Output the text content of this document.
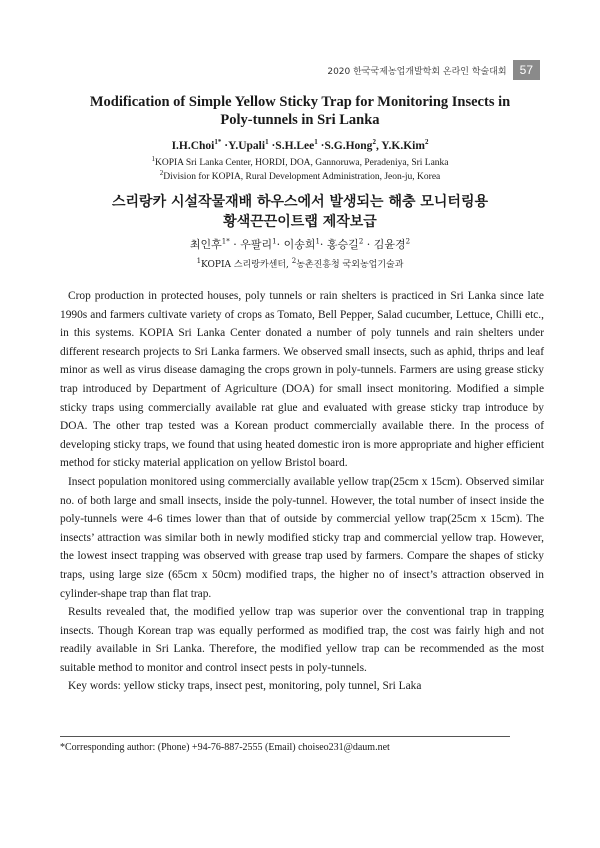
2020 한국국제농업개발학회 온라인 학술대회	57
Modification of Simple Yellow Sticky Trap for Monitoring Insects in
Poly-tunnels in Sri Lanka
I.H.Choi$^{1*}$ ·Y.Upali$^1$ ·S.H.Lee$^1$ ·S.G.Hong$^2$, Y.K.Kim$^2$
$^1$KOPIA Sri Lanka Center, HORDI, DOA, Gannoruwa, Peradeniya, Sri Lanka
$^2$Division for KOPIA, Rural Development Administration, Jeon-ju, Korea
스리랑카 시설작물재배 하우스에서 발생되는 해충 모니터링용
황색끈끈이트랩 제작보급
최인후$^{1*}$ · 우팔리$^1$· 이송희$^1$· 홍승길$^2$ · 김윤경$^2$
$^1$KOPIA 스리랑카센터, $^2$농촌진흥청 국외농업기술과

Crop production in protected houses, poly tunnels or rain shelters is practiced in Sri Lanka since late 1990s and farmers cultivate variety of crops as Tomato, Bell Pepper, Salad cucumber, Lettuce, Chilli etc., in this systems. KOPIA Sri Lanka Center donated a number of poly tunnels and rain shelters under different research projects to Sri Lanka farmers. We observed small insects, such as aphid, thrips and leaf minor as well as virus disease damaging the crops grown in poly-tunnels. Farmers are using grease sticky trap introduced by Department of Agriculture (DOA) for small insect monitoring. Modified a simple sticky traps using commercially available rat glue and evaluated with grease sticky trap introduce by DOA. The other trap tested was a Korean product commercially available there. In the process of developing sticky traps, we found that using heated domestic iron is more appropriate and higher efficient method for sticky material application on yellow Bristol board.

Insect population monitored using commercially available yellow trap(25cm x 15cm). Observed similar no. of both large and small insects, inside the poly-tunnel. However, the total number of insect inside the poly-tunnels were 4-6 times lower than that of outside by commercial yellow trap(25cm x 15cm). The insects’ attraction was similar both in newly modified sticky trap and commercial yellow trap. However, the lowest insect trapping was observed with grease trap used by farmers. Compare the shapes of sticky traps, using large size (65cm x 50cm) modified traps, the higher no of insect’s attraction observed in cylinder-shape trap than flat trap.

Results revealed that, the modified yellow trap was superior over the conventional trap in trapping insects. Though Korean trap was equally performed as modified trap, the cost was fairly high and not readily available in Sri Lanka. Therefore, the modified yellow trap can be recommended as the most suitable method to monitor and control insect pests in poly-tunnels.

Key words: yellow sticky traps, insect pest, monitoring, poly tunnel, Sri Laka

*Corresponding author: (Phone) +94-76-887-2555 (Email) choiseo231@daum.net
